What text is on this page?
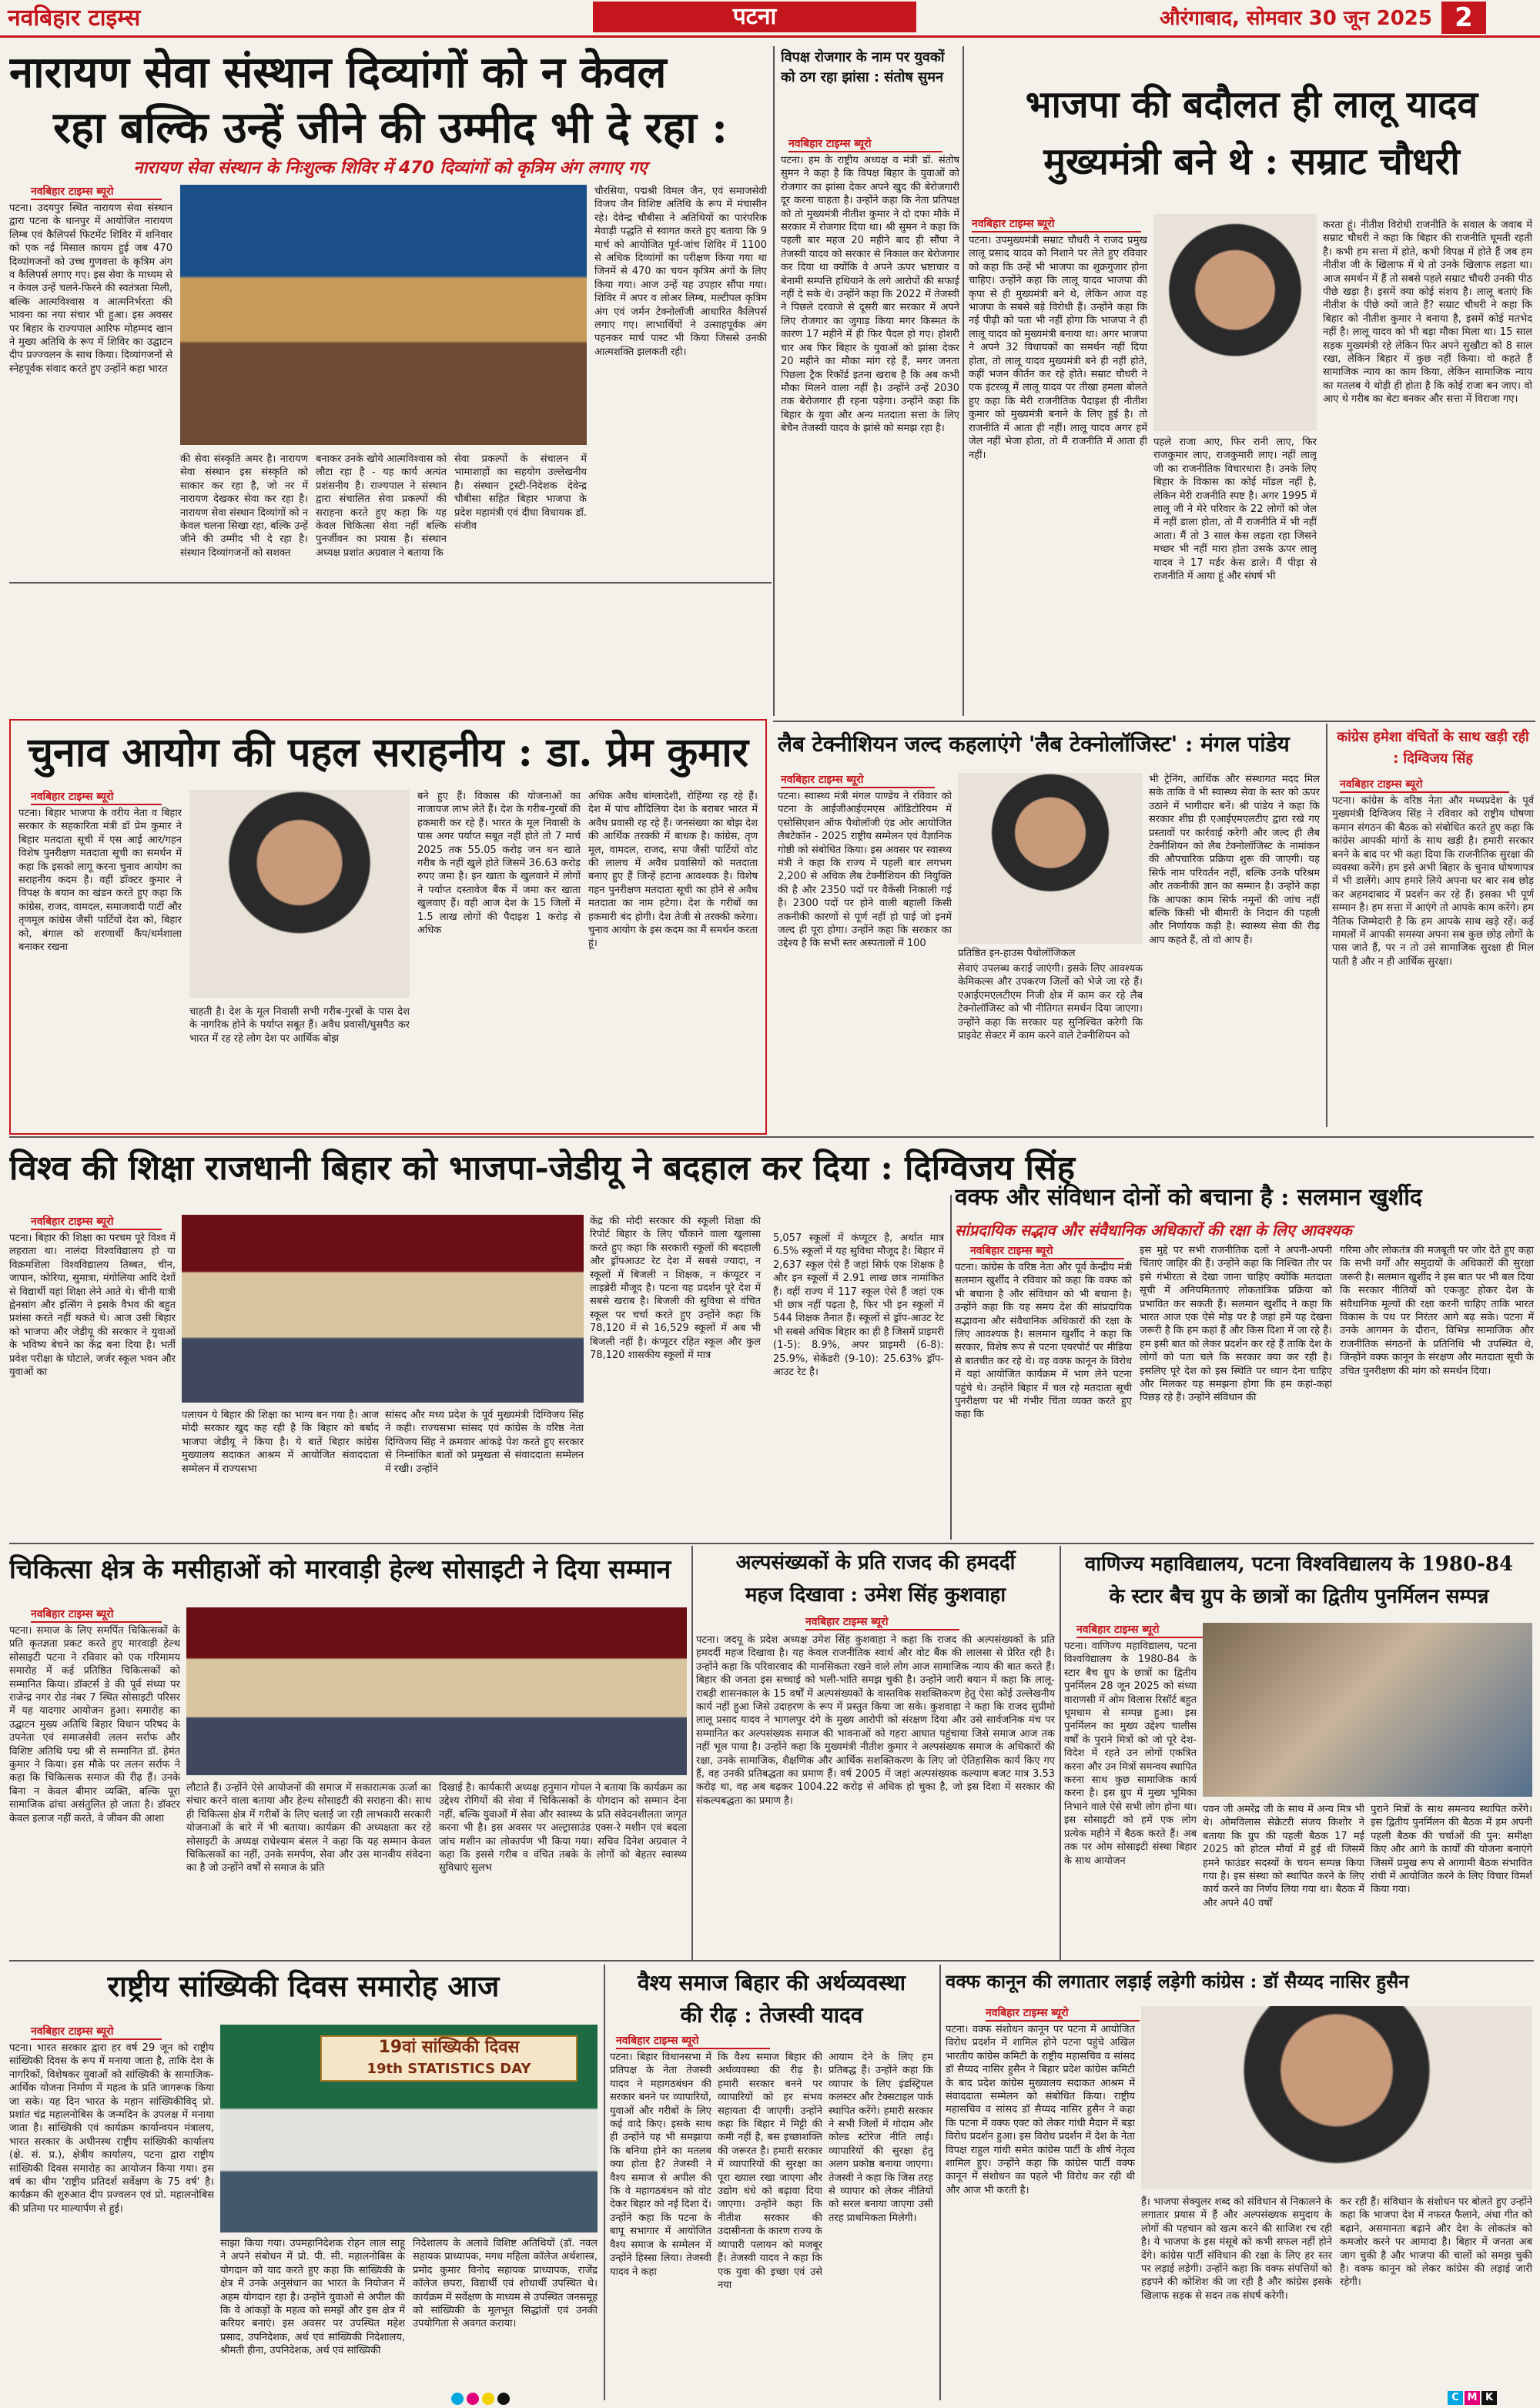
नवबिहार टाइम्स	पटना	औरंगाबाद, सोमवार 30 जून 2025 2
नारायण सेवा संस्थान दिव्यांगों को न केवल
रहा बल्कि उन्हें जीने की उम्मीद भी दे रहा :
नारायण सेवा संस्थान के निःशुल्क शिविर में 470 दिव्यांगों को कृत्रिम अंग लगाए गए
नवबिहार टाइम्स ब्यूरो
पटना। उदयपुर स्थित नारायण सेवा संस्थान द्वारा पटना के धानपुर में आयोजित नारायण लिम्ब एवं कैलिपर्स फिटमेंट शिविर में शनिवार को एक नई मिसाल कायम हुई जब 470 दिव्यांगजनों को उच्च गुणवत्ता के कृत्रिम अंग व कैलिपर्स लगाए गए। इस सेवा के माध्यम से न केवल उन्हें चलने-फिरने की स्वतंत्रता मिली, बल्कि आत्मविश्वास व आत्मनिर्भरता की भावना का नया संचार भी हुआ। इस अवसर पर बिहार के राज्यपाल आरिफ मोहम्मद खान ने मुख्य अतिथि के रूप में शिविर का उद्घाटन दीप प्रज्ज्वलन के साथ किया। दिव्यांगजनों से स्नेहपूर्वक संवाद करते हुए उन्होंने कहा भारत
की सेवा संस्कृति अमर है। नारायण सेवा संस्थान इस संस्कृति को साकार कर रहा है, जो नर में नारायण देखकर सेवा कर रहा है। नारायण सेवा संस्थान दिव्यांगों को न केवल चलना सिखा रहा, बल्कि उन्हें जीने की उम्मीद भी दे रहा है। संस्थान दिव्यांगजनों को सशक्त
बनाकर उनके खोये आत्मविश्वास को लौटा रहा है - यह कार्य अत्यंत प्रशंसनीय है। राज्यपाल ने संस्थान द्वारा संचालित सेवा प्रकल्पों की सराहना करते हुए कहा कि यह केवल चिकित्सा सेवा नहीं बल्कि पुनर्जीवन का प्रयास है। संस्थान अध्यक्ष प्रशांत अग्रवाल ने बताया कि
सेवा प्रकल्पों के संचालन में भामाशाहों का सहयोग उल्लेखनीय है। संस्थान ट्रस्टी-निदेशक देवेन्द्र चौबीसा सहित बिहार भाजपा के प्रदेश महामंत्री एवं दीघा विधायक डॉ. संजीव
चौरसिया, पद्मश्री विमल जैन, एवं समाजसेवी विजय जैन विशिष्ट अतिथि के रूप में मंचासीन रहे। देवेन्द्र चौबीसा ने अतिथियों का पारंपरिक मेवाड़ी पद्धति से स्वागत करते हुए बताया कि 9 मार्च को आयोजित पूर्व-जांच शिविर में 1100 से अधिक दिव्यांगों का परीक्षण किया गया था जिनमें से 470 का चयन कृत्रिम अंगों के लिए किया गया। आज उन्हें यह उपहार सौंपा गया। शिविर में अपर व लोअर लिम्ब, मल्टीपल कृत्रिम अंग एवं जर्मन टेक्नोलॉजी आधारित कैलिपर्स लगाए गए। लाभार्थियों ने उत्साहपूर्वक अंग पहनकर मार्च पास्ट भी किया जिससे उनकी आत्मशक्ति झलकती रही।
विपक्ष रोजगार के नाम पर युवकों को ठग रहा झांसा : संतोष सुमन
नवबिहार टाइम्स ब्यूरो
पटना। हम के राष्ट्रीय अध्यक्ष व मंत्री डॉ. संतोष सुमन ने कहा है कि विपक्ष बिहार के युवाओं को रोजगार का झांसा देकर अपने खुद की बेरोजगारी दूर करना चाहता है। उन्होंने कहा कि नेता प्रतिपक्ष को तो मुख्यमंत्री नीतीश कुमार ने दो दफा मौके में सरकार में रोजगार दिया था। श्री सुमन ने कहा कि पहली बार महज 20 महीने बाद ही सौंपा ने तेजस्वी यादव को सरकार से निकाल कर बेरोजगार कर दिया था क्योंकि वे अपने ऊपर भ्रष्टाचार व बेनामी सम्पत्ति हथियाने के लगे आरोपों की सफाई नहीं दे सके थे। उन्होंने कहा कि 2022 में तेजस्वी ने पिछले दरवाजे से दूसरी बार सरकार में अपने लिए रोजगार का जुगाड़ किया मगर किस्मत के कारण 17 महीने में ही फिर पैदल हो गए। होशरी चार अब फिर बिहार के युवाओं को झांसा देकर 20 महीने का मौका मांग रहे हैं, मगर जनता पिछला ट्रैक रिकॉर्ड इतना खराब है कि अब कभी मौका मिलने वाला नहीं है। उन्होंने उन्हें 2030 तक बेरोजगार ही रहना पड़ेगा। उन्होंने कहा कि बिहार के युवा और अन्य मतदाता सत्ता के लिए बेचैन तेजस्वी यादव के झांसे को समझ रहा है।
भाजपा की बदौलत ही लालू यादव
मुख्यमंत्री बने थे : सम्राट चौधरी
नवबिहार टाइम्स ब्यूरो
पटना। उपमुख्यमंत्री सम्राट चौधरी ने राजद प्रमुख लालू प्रसाद यादव को निशाने पर लेते हुए रविवार को कहा कि उन्हें भी भाजपा का शुक्रगुजार होना चाहिए। उन्होंने कहा कि लालू यादव भाजपा की कृपा से ही मुख्यमंत्री बने थे, लेकिन आज वह भाजपा के सबसे बड़े विरोधी हैं। उन्होंने कहा कि नई पीढ़ी को पता भी नहीं होगा कि भाजपा ने ही लालू यादव को मुख्यमंत्री बनाया था। अगर भाजपा ने अपने 32 विधायकों का समर्थन नहीं दिया होता, तो लालू यादव मुख्यमंत्री बने ही नहीं होते, कहीं भजन कीर्तन कर रहे होते। सम्राट चौधरी ने एक इंटरव्यू में लालू यादव पर तीखा हमला बोलते हुए कहा कि मेरी राजनीतिक पैदाइश ही नीतीश कुमार को मुख्यमंत्री बनाने के लिए हुई है। तो राजनीति में आता ही नहीं। लालू यादव अगर हमें जेल नहीं भेजा होता, तो मैं राजनीति में आता ही नहीं।
पहले राजा आए, फिर रानी लाए, फिर राजकुमार लाए, राजकुमारी लाए। नहीं लालू जी का राजनीतिक विचारधारा है। उनके लिए बिहार के विकास का कोई मॉडल नहीं है, लेकिन मेरी राजनीति स्पष्ट है। अगर 1995 में लालू जी ने मेरे परिवार के 22 लोगों को जेल में नहीं डाला होता, तो मैं राजनीति में भी नहीं आता। मैं तो 3 साल केस लड़ता रहा जिसने मच्छर भी नहीं मारा होता उसके ऊपर लालू यादव ने 17 मर्डर केस डाले। मैं पीड़ा से राजनीति में आया हूं और संघर्ष भी
करता हूं। नीतीश विरोधी राजनीति के सवाल के जवाब में सम्राट चौधरी ने कहा कि बिहार की राजनीति घूमती रहती है। कभी हम सत्ता में होते, कभी विपक्ष में होते हैं जब हम नीतीश जी के खिलाफ में थे तो उनके खिलाफ लड़ता था। आज समर्थन में हैं तो सबसे पहले सम्राट चौधरी उनकी पीठ पीछे खड़ा है। इसमें क्या कोई संशय है। लालू बताएं कि नीतीश के पीछे क्यों जाते हैं? सम्राट चौधरी ने कहा कि बिहार को नीतीश कुमार ने बनाया है, इसमें कोई मतभेद नहीं है। लालू यादव को भी बड़ा मौका मिला था। 15 साल सड़क मुख्यमंत्री रहे लेकिन फिर अपने सुखौटा को 8 साल रखा, लेकिन बिहार में कुछ नहीं किया। वो कहते हैं सामाजिक न्याय का काम किया, लेकिन सामाजिक न्याय का मतलब ये थोड़ी ही होता है कि कोई राजा बन जाए। वो आए थे गरीब का बेटा बनकर और सत्ता में विराजा गए।
चुनाव आयोग की पहल सराहनीय : डा. प्रेम कुमार
नवबिहार टाइम्स ब्यूरो
पटना। बिहार भाजपा के वरीय नेता व बिहार सरकार के सहकारिता मंत्री डॉ प्रेम कुमार ने बिहार मतदाता सूची में एस आई आर/गहन विशेष पुनरीक्षण मतदाता सूची का समर्थन में कहा कि इसको लागू करना चुनाव आयोग का सराहनीय कदम है। वहीं डॉक्टर कुमार ने विपक्ष के बयान का खंडन करते हुए कहा कि कांग्रेस, राजद, वामदल, समाजवादी पार्टी और तृणमूल कांग्रेस जैसी पार्टियों देश को, बिहार को, बंगाल को शरणार्थी कैंप/धर्मशाला बनाकर रखना
चाहती है। देश के मूल निवासी सभी गरीब-गुरबों के पास देश के नागरिक होने के पर्याप्त सबूत हैं। अवैध प्रवासी/घुसपैठ कर भारत में रह रहे लोग देश पर आर्थिक बोझ
बने हुए हैं। विकास की योजनाओं का नाजायज लाभ लेते हैं। देश के गरीब-गुरबों की हकमारी कर रहे हैं। भारत के मूल निवासी के पास अगर पर्याप्त सबूत नहीं होते तो 7 मार्च 2025 तक 55.05 करोड़ जन धन खाते गरीब के नहीं खुले होते जिसमें 36.63 करोड़ रुपए जमा है। इन खाता के खुलवाने में लोगों ने पर्याप्त दस्तावेज बैंक में जमा कर खाता खुलवाए हैं। वही आज देश के 15 जिलों में 1.5 लाख लोगों की पैदाइश 1 करोड़ से अधिक
अधिक अवैध बांग्लादेशी, रोहिंग्या रह रहे हैं। देश में पांच शौदिलिया देश के बराबर भारत में अवैध प्रवासी रह रहे हैं। जनसंख्या का बोझ देश की आर्थिक तरक्की में बाधक है। कांग्रेस, तृण मूल, वामदल, राजद, सपा जैसी पार्टियों वोट की लालच में अवैध प्रवासियों को मतदाता बनाए हुए हैं जिन्हें हटाना आवश्यक है। विशेष गहन पुनरीक्षण मतदाता सूची का होने से अवैध मतदाता का नाम हटेगा। देश के गरीबों का हकमारी बंद होगी। देश तेजी से तरक्की करेगा। चुनाव आयोग के इस कदम का मैं समर्थन करता हूं।
लैब टेक्नीशियन जल्द कहलाएंगे 'लैब टेक्नोलॉजिस्ट' : मंगल पांडेय
नवबिहार टाइम्स ब्यूरो
पटना। स्वास्थ्य मंत्री मंगल पाण्डेय ने रविवार को पटना के आईजीआईएमएस ऑडिटोरियम में एसोसिएशन ऑफ पैथोलॉजी एंड ओर आयोजित लैबटेकॉन - 2025 राष्ट्रीय सम्मेलन एवं वैज्ञानिक गोष्ठी को संबोधित किया। इस अवसर पर स्वास्थ्य मंत्री ने कहा कि राज्य में पहली बार लगभग 2,200 से अधिक लैब टेक्नीशियन की नियुक्ति की है और 2350 पदों पर वैकेंसी निकाली गई है। 2300 पदों पर होने वाली बहाली किसी तकनीकी कारणों से पूर्ण नहीं हो पाई जो इनमें जल्द ही पूरा होगा। उन्होंने कहा कि सरकार का उद्देश्य है कि सभी स्तर अस्पतालों में 100
प्रतिष्ठित इन-हाउस पैथोलॉजिकल
सेवाएं उपलब्ध कराई जाएंगी। इसके लिए आवश्यक केमिकल्स और उपकरण जिलों को भेजे जा रहे हैं। एआईएमएलटीएम निजी क्षेत्र में काम कर रहे लैब टेक्नोलॉजिस्ट को भी नीतिगत समर्थन दिया जाएगा। उन्होंने कहा कि सरकार यह सुनिश्चित करेगी कि प्राइवेट सेक्टर में काम करने वाले टेक्नीशियन को
भी ट्रेनिंग, आर्थिक और संस्थागत मदद मिल सके ताकि वे भी स्वास्थ्य सेवा के स्तर को ऊपर उठाने में भागीदार बनें। श्री पांडेय ने कहा कि सरकार शीघ्र ही एआईएमएलटीए द्वारा रखे गए प्रस्तावों पर कार्रवाई करेगी और जल्द ही लैब टेक्नीशियन को लैब टेक्नोलॉजिस्ट के नामांकन की औपचारिक प्रक्रिया शुरू की जाएगी। यह सिर्फ नाम परिवर्तन नहीं, बल्कि उनके परिश्रम और तकनीकी ज्ञान का सम्मान है। उन्होंने कहा कि आपका काम सिर्फ नमूनों की जांच नहीं बल्कि किसी भी बीमारी के निदान की पहली और निर्णायक कड़ी है। स्वास्थ्य सेवा की रीढ़ आप कहते हैं, तो वो आप हैं।
कांग्रेस हमेशा वंचितों के साथ खड़ी रही : दिग्विजय सिंह
नवबिहार टाइम्स ब्यूरो
पटना। कांग्रेस के वरिष्ठ नेता और मध्यप्रदेश के पूर्व मुख्यमंत्री दिग्विजय सिंह ने रविवार को राष्ट्रीय घोषणा कमान संगठन की बैठक को संबोधित करते हुए कहा कि कांग्रेस आपकी मांगों के साथ खड़ी है। हमारी सरकार बनने के बाद पर भी कहा दिया कि राजनीतिक सुरक्षा की व्यवस्था करेंगे। हम इसे अभी बिहार के चुनाव घोषणापत्र में भी डालेंगे। आप हमारे लिये अपना घर बार सब छोड़ कर अहमदाबाद में प्रदर्शन कर रहे हैं। इसका भी पूर्ण सम्मान है। हम सत्ता में आएंगे तो आपके काम करेंगे। हम नैतिक जिम्मेदारी है कि हम आपके साथ खड़े रहें। कई मामलों में आपकी समस्या अपना सब कुछ छोड़ लोगों के पास जाते हैं, पर न तो उसे सामाजिक सुरक्षा ही मिल पाती है और न ही आर्थिक सुरक्षा।
विश्व की शिक्षा राजधानी बिहार को भाजपा-जेडीयू ने बदहाल कर दिया : दिग्विजय सिंह
नवबिहार टाइम्स ब्यूरो
पटना। बिहार की शिक्षा का परचम पूरे विश्व में लहराता था। नालंदा विश्वविद्यालय हो या विक्रमशिला विश्वविद्यालय तिब्बत, चीन, जापान, कोरिया, सुमात्रा, मंगोलिया आदि देशों से विद्यार्थी यहां शिक्षा लेने आते थे। चीनी यात्री ह्वेनसांग और इत्सिंग ने इसके वैभव की बहुत प्रशंसा करते नहीं थकते थे। आज उसी बिहार को भाजपा और जेडीयू की सरकार ने युवाओं के भविष्य बेचने का केंद्र बना दिया है। भर्ती प्रवेश परीक्षा के घोटाले, जर्जर स्कूल भवन और युवाओं का
पलायन ये बिहार की शिक्षा का भाग्य बन गया है। आज मोदी सरकार खुद कह रही है कि बिहार को बर्बाद भाजपा जेडीयू ने किया है। ये बातें बिहार कांग्रेस मुख्यालय सदाकत आश्रम में आयोजित संवाददाता सम्मेलन में राज्यसभा
सांसद और मध्य प्रदेश के पूर्व मुख्यमंत्री दिग्विजय सिंह ने कही। राज्यसभा सांसद एवं कांग्रेस के वरिष्ठ नेता दिग्विजय सिंह ने क्रमवार आंकड़े पेश करते हुए सरकार से निम्नांकित बातों को प्रमुखता से संवाददाता सम्मेलन में रखी। उन्होंने
केंद्र की मोदी सरकार की स्कूली शिक्षा की रिपोर्ट बिहार के लिए चौंकाने वाला खुलासा करते हुए कहा कि सरकारी स्कूलों की बदहाली और ड्रॉपआउट रेट देश में सबसे ज्यादा, न स्कूलों में बिजली न शिक्षक, न कंप्यूटर न लाइब्रेरी मौजूद है। पटना यह प्रदर्शन पूरे देश में सबसे खराब है। बिजली की सुविधा से वंचित स्कूल पर चर्चा करते हुए उन्होंने कहा कि 78,120 में से 16,529 स्कूलों में अब भी बिजली नहीं है। कंप्यूटर रहित स्कूल और कुल 78,120 शासकीय स्कूलों में मात्र
5,057 स्कूलों में कंप्यूटर है, अर्थात मात्र 6.5% स्कूलों में यह सुविधा मौजूद है। बिहार में 2,637 स्कूल ऐसे हैं जहां सिर्फ एक शिक्षक है और इन स्कूलों में 2.91 लाख छात्र नामांकित हैं। वहीं राज्य में 117 स्कूल ऐसे हैं जहां एक भी छात्र नहीं पढ़ता है, फिर भी इन स्कूलों में 544 शिक्षक तैनात हैं। स्कूलों से ड्रॉप-आउट रेट भी सबसे अधिक बिहार का ही है जिसमें प्राइमरी (1-5): 8.9%, अपर प्राइमरी (6-8): 25.9%, सेकेंडरी (9-10): 25.63% ड्रॉप-आउट रेट है।
वक्फ और संविधान दोनों को बचाना है : सलमान खुर्शीद
सांप्रदायिक सद्भाव और संवैधानिक अधिकारों की रक्षा के लिए आवश्यक
नवबिहार टाइम्स ब्यूरो
पटना। कांग्रेस के वरिष्ठ नेता और पूर्व केन्द्रीय मंत्री सलमान खुर्शीद ने रविवार को कहा कि वक्फ को भी बचाना है और संविधान को भी बचाना है। उन्होंने कहा कि यह समय देश की सांप्रदायिक सद्भावना और संवैधानिक अधिकारों की रक्षा के लिए आवश्यक है। सलमान खुर्शीद ने कहा कि सरकार, विशेष रूप से पटना एयरपोर्ट पर मीडिया से बातचीत कर रहे थे। वह वक्फ कानून के विरोध में यहां आयोजित कार्यक्रम में भाग लेने पटना पहुंचे थे। उन्होंने बिहार में चल रहे मतदाता सूची पुनरीक्षण पर भी गंभीर चिंता व्यक्त करते हुए कहा कि
इस मुद्दे पर सभी राजनीतिक दलों ने अपनी-अपनी चिंताएं जाहिर की हैं। उन्होंने कहा कि निश्चित तौर पर इसे गंभीरता से देखा जाना चाहिए क्योंकि मतदाता सूची में अनियमितताएं लोकतांत्रिक प्रक्रिया को प्रभावित कर सकती हैं। सलमान खुर्शीद ने कहा कि भारत आज एक ऐसे मोड़ पर है जहां हमें यह देखना जरूरी है कि हम कहां हैं और किस दिशा में जा रहे हैं। हम इसी बात को लेकर प्रदर्शन कर रहे हैं ताकि देश के लोगों को पता चले कि सरकार क्या कर रही है। इसलिए पूरे देश को इस स्थिति पर ध्यान देना चाहिए और मिलकर यह समझना होगा कि हम कहां-कहां पिछड़ रहे हैं। उन्होंने संविधान की
गरिमा और लोकतंत्र की मजबूती पर जोर देते हुए कहा कि सभी वर्गों और समुदायों के अधिकारों की सुरक्षा जरूरी है। सलमान खुर्शीद ने इस बात पर भी बल दिया कि सरकार नीतियों को एकजुट होकर देश के संवैधानिक मूल्यों की रक्षा करनी चाहिए ताकि भारत विकास के पथ पर निरंतर आगे बढ़ सके। पटना में उनके आगमन के दौरान, विभिन्न सामाजिक और राजनीतिक संगठनों के प्रतिनिधि भी उपस्थित थे, जिन्होंने वक्फ कानून के संरक्षण और मतदाता सूची के उचित पुनरीक्षण की मांग को समर्थन दिया।
चिकित्सा क्षेत्र के मसीहाओं को मारवाड़ी हेल्थ सोसाइटी ने दिया सम्मान
नवबिहार टाइम्स ब्यूरो
पटना। समाज के लिए समर्पित चिकित्सकों के प्रति कृतज्ञता प्रकट करते हुए मारवाड़ी हेल्थ सोसाइटी पटना ने रविवार को एक गरिमामय समारोह में कई प्रतिष्ठित चिकित्सकों को सम्मानित किया। डॉक्टर्स डे की पूर्व संध्या पर राजेन्द्र नगर रोड नंबर 7 स्थित सोसाइटी परिसर में यह यादगार आयोजन हुआ। समारोह का उद्घाटन मुख्य अतिथि बिहार विधान परिषद के उपनेता एवं समाजसेवी ललन सर्राफ और विशिष्ट अतिथि पद्म श्री से सम्मानित डॉ. हेमंत कुमार ने किया। इस मौके पर ललन सर्राफ ने कहा कि चिकित्सक समाज की रीढ़ हैं। उनके बिना न केवल बीमार व्यक्ति, बल्कि पूरा सामाजिक ढांचा असंतुलित हो जाता है। डॉक्टर केवल इलाज नहीं करते, वे जीवन की आशा
लौटाते हैं। उन्होंने ऐसे आयोजनों की समाज में सकारात्मक ऊर्जा का संचार करने वाला बताया और हेल्थ सोसाइटी की सराहना की। साथ ही चिकित्सा क्षेत्र में गरीबों के लिए चलाई जा रही लाभकारी सरकारी योजनाओं के बारे में भी बताया। कार्यक्रम की अध्यक्षता कर रहे सोसाइटी के अध्यक्ष राधेश्याम बंसल ने कहा कि यह सम्मान केवल चिकित्सकों का नहीं, उनके समर्पण, सेवा और उस मानवीय संवेदना का है जो उन्होंने वर्षों से समाज के प्रति
दिखाई है। कार्यकारी अध्यक्ष हनुमान गोयल ने बताया कि कार्यक्रम का उद्देश्य रोगियों की सेवा में चिकित्सकों के योगदान को सम्मान देना नहीं, बल्कि युवाओं में सेवा और स्वास्थ्य के प्रति संवेदनशीलता जागृत करना भी है। इस अवसर पर अल्ट्रासाउंड एक्स-रे मशीन एवं बदला जांच मशीन का लोकार्पण भी किया गया। सचिव दिनेश अग्रवाल ने कहा कि इससे गरीब व वंचित तबके के लोगों को बेहतर स्वास्थ्य सुविधाएं सुलभ
अल्पसंख्यकों के प्रति राजद की हमदर्दी
महज दिखावा : उमेश सिंह कुशवाहा
नवबिहार टाइम्स ब्यूरो
पटना। जदयू के प्रदेश अध्यक्ष उमेश सिंह कुशवाहा ने कहा कि राजद की अल्पसंख्यकों के प्रति हमदर्दी महज दिखावा है। यह केवल राजनीतिक स्वार्थ और वोट बैंक की लालसा से प्रेरित रही है। उन्होंने कहा कि परिवारवाद की मानसिकता रखने वाले लोग आज सामाजिक न्याय की बात करते हैं। बिहार की जनता इस सच्चाई को भली-भांति समझ चुकी है। उन्होंने जारी बयान में कहा कि लालू-राबड़ी शासनकाल के 15 वर्षों में अल्पसंख्यकों के वास्तविक सशक्तिकरण हेतु ऐसा कोई उल्लेखनीय कार्य नहीं हुआ जिसे उदाहरण के रूप में प्रस्तुत किया जा सके। कुशवाहा ने कहा कि राजद सुप्रीमो लालू प्रसाद यादव ने भागलपुर दंगे के मुख्य आरोपी को संरक्षण दिया और उसे सार्वजनिक मंच पर सम्मानित कर अल्पसंख्यक समाज की भावनाओं को गहरा आघात पहुंचाया जिसे समाज आज तक नहीं भूल पाया है। उन्होंने कहा कि मुख्यमंत्री नीतीश कुमार ने अल्पसंख्यक समाज के अधिकारों की रक्षा, उनके सामाजिक, शैक्षणिक और आर्थिक सशक्तिकरण के लिए जो ऐतिहासिक कार्य किए गए हैं, वह उनकी प्रतिबद्धता का प्रमाण हैं। वर्ष 2005 में जहां अल्पसंख्यक कल्याण बजट मात्र 3.53 करोड़ था, वह अब बढ़कर 1004.22 करोड़ से अधिक हो चुका है, जो इस दिशा में सरकार की संकल्पबद्धता का प्रमाण है।
वाणिज्य महाविद्यालय, पटना विश्वविद्यालय के 1980-84
के स्टार बैच ग्रुप के छात्रों का द्वितीय पुनर्मिलन सम्पन्न
नवबिहार टाइम्स ब्यूरो
पटना। वाणिज्य महाविद्यालय, पटना विश्वविद्यालय के 1980-84 के स्टार बैच ग्रुप के छात्रों का द्वितीय पुनर्मिलन 28 जून 2025 को संध्या वाराणसी में ओम विलास रिसॉर्ट बहुत धूमधाम से सम्पन्न हुआ। इस पुनर्मिलन का मुख्य उद्देश्य चालीस वर्षों के पुराने मित्रों को जो पूरे देश-विदेश में रहते उन लोगों एकत्रित करना और उन मित्रों समन्वय स्थापित करना साथ कुछ सामाजिक कार्य करना है। इस ग्रुप में मुख्य भूमिका निभाने वाले ऐसे सभी लोग होना था। इस सोसाइटी को हमें एक लोग प्रत्येक महीने में बैठक करते हैं। अब तक पर ओम सोसाइटी संस्था बिहार के साथ आयोजन
पवन जी अमरेंद्र जी के साथ में अन्य मित्र भी थे। ओमविलास सेक्रेटरी संजय किशोर ने बताया कि ग्रुप की पहली बैठक 17 मई 2025 को होटल मौर्या में हुई थी जिसमें हमने फाउंडर सदस्यों के चयन सम्पन्न किया गया है। इस संस्था को स्थापित करने के लिए कार्य करने का निर्णय लिया गया था। बैठक में और अपने 40 वर्षों
पुराने मित्रों के साथ समन्वय स्थापित करेंगे। इस द्वितीय पुनर्मिलन की बैठक में हम अपनी पहली बैठक की चर्चाओं की पुन: समीक्षा किए और आगे के कार्यों की योजना बनाएंगे जिसमें प्रमुख रूप से आगामी बैठक संभावित रांची में आयोजित करने के लिए विचार विमर्श किया गया।
राष्ट्रीय सांख्यिकी दिवस समारोह आज
नवबिहार टाइम्स ब्यूरो
पटना। भारत सरकार द्वारा हर वर्ष 29 जून को राष्ट्रीय सांख्यिकी दिवस के रूप में मनाया जाता है, ताकि देश के नागरिकों, विशेषकर युवाओं को सांख्यिकी के सामाजिक-आर्थिक योजना निर्माण में महत्व के प्रति जागरूक किया जा सके। यह दिन भारत के महान सांख्यिकीविद् प्रो. प्रशांत चंद्र महालनोबिस के जन्मदिन के उपलक्ष में मनाया जाता है। सांख्यिकी एवं कार्यक्रम कार्यान्वयन मंत्रालय, भारत सरकार के अधीनस्थ राष्ट्रीय सांख्यिकी कार्यालय (क्षे. सं. प्र.), क्षेत्रीय कार्यालय, पटना द्वारा राष्ट्रीय सांख्यिकी दिवस समारोह का आयोजन किया गया। इस वर्ष का थीम 'राष्ट्रीय प्रतिदर्श सर्वेक्षण के 75 वर्ष' है। कार्यक्रम की शुरुआत दीप प्रज्वलन एवं प्रो. महालनोबिस की प्रतिमा पर माल्यार्पण से हुई।
19वां सांख्यिकी दिवस
19th STATISTICS DAY
साझा किया गया। उपमहानिदेशक रोहन लाल साहू ने अपने संबोधन में प्रो. पी. सी. महालनोबिस के योगदान को याद करते हुए कहा कि सांख्यिकी के क्षेत्र में उनके अनुसंधान का भारत के नियोजन में अहम योगदान रहा है। उन्होंने युवाओं से अपील की कि वे आंकड़ों के महत्व को समझें और इस क्षेत्र में करियर बनाएं। इस अवसर पर उपस्थित महेश प्रसाद, उपनिदेशक, अर्थ एवं सांख्यिकी निदेशालय, श्रीमती हीना, उपनिदेशक, अर्थ एवं सांख्यिकी
निदेशालय के अलावे विशिष्ट अतिथियों (डॉ. नवल सहायक प्राध्यापक, मगध महिला कॉलेज अर्थशास्त्र, प्रमोद कुमार विनोद सहायक प्राध्यापक, राजेंद्र कॉलेज छपरा, विद्यार्थी एवं शोधार्थी उपस्थित थे। कार्यक्रम में सर्वेक्षण के माध्यम से उपस्थित जनसमूह को सांख्यिकी के मूलभूत सिद्धांतों एवं उनकी उपयोगिता से अवगत कराया।
वैश्य समाज बिहार की अर्थव्यवस्था
की रीढ़ : तेजस्वी यादव
नवबिहार टाइम्स ब्यूरो
पटना। बिहार विधानसभा में प्रतिपक्ष के नेता तेजस्वी यादव ने महागठबंधन की सरकार बनने पर व्यापारियों, युवाओं और गरीबों के लिए कई वादे किए। इसके साथ ही उन्होंने यह भी समझाया कि बनिया होने का मतलब क्या होता है? तेजस्वी ने वैश्य समाज से अपील की कि वे महागठबंधन को वोट देकर बिहार को नई दिशा दें। उन्होंने कहा कि पटना के बापू सभागार में आयोजित वैश्य समाज के सम्मेलन में उन्होंने हिस्सा लिया। तेजस्वी यादव ने कहा
कि वैश्य समाज बिहार की अर्थव्यवस्था की रीढ़ है। हमारी सरकार बनने पर व्यापारियों को हर संभव सहायता दी जाएगी। उन्होंने कहा कि बिहार में मिट्टी की कमी नहीं है, बस इच्छाशक्ति की जरूरत है। हमारी सरकार में व्यापारियों की सुरक्षा का पूरा ख्याल रखा जाएगा और उद्योग धंधे को बढ़ावा दिया जाएगा। उन्होंने कहा कि नीतीश सरकार की उदासीनता के कारण राज्य के व्यापारी पलायन को मजबूर हैं। तेजस्वी यादव ने कहा कि एक युवा की इच्छा एवं उसे नया
आयाम देने के लिए हम प्रतिबद्ध हैं। उन्होंने कहा कि व्यापार के लिए इंडस्ट्रियल कलस्टर और टेक्सटाइल पार्क स्थापित करेंगे। हमारी सरकार ने सभी जिलों में गोदाम और कोल्ड स्टोरेज नीति लाई। व्यापारियों की सुरक्षा हेतु अलग प्रकोष्ठ बनाया जाएगा। तेजस्वी ने कहा कि जिस तरह से व्यापार को लेकर नीतियों को सरल बनाया जाएगा उसी तरह प्राथमिकता मिलेगी।
वक्फ कानून की लगातार लड़ाई लड़ेगी कांग्रेस : डॉ सैय्यद नासिर हुसैन
नवबिहार टाइम्स ब्यूरो
पटना। वक्फ संशोधन कानून पर पटना में आयोजित विरोध प्रदर्शन में शामिल होने पटना पहुंचे अखिल भारतीय कांग्रेस कमिटी के राष्ट्रीय महासचिव व सांसद डॉ सैय्यद नासिर हुसैन ने बिहार प्रदेश कांग्रेस कमिटी के बाद प्रदेश कांग्रेस मुख्यालय सदाकत आश्रम में संवाददाता सम्मेलन को संबोधित किया। राष्ट्रीय महासचिव व सांसद डॉ सैय्यद नासिर हुसैन ने कहा कि पटना में वक्फ एक्ट को लेकर गांधी मैदान में बड़ा विरोध प्रदर्शन हुआ। इस विरोध प्रदर्शन में देश के नेता विपक्ष राहुल गांधी समेत कांग्रेस पार्टी के शीर्ष नेतृत्व शामिल हुए। उन्होंने कहा कि कांग्रेस पार्टी वक्फ कानून में संशोधन का पहले भी विरोध कर रही थी और आज भी करती है।
हैं। भाजपा सेक्युलर शब्द को संविधान से निकालने के लगातार प्रयास में हैं और अल्पसंख्यक समुदाय के लोगों की पहचान को खत्म करने की साजिश रच रही है। ये भाजपा के इस मंसूबे को कभी सफल नहीं होने देंगे। कांग्रेस पार्टी संविधान की रक्षा के लिए हर स्तर पर लड़ाई लड़ेगी। उन्होंने कहा कि वक्फ संपत्तियों को हड़पने की कोशिश की जा रही है और कांग्रेस इसके खिलाफ सड़क से सदन तक संघर्ष करेगी।
कर रही हैं। संविधान के संशोधन पर बोलते हुए उन्होंने कहा कि भाजपा देश में नफरत फैलाने, अंधा गीत को बढ़ाने, असमानता बढ़ाने और देश के लोकतंत्र को कमजोर करने पर आमादा है। बिहार में जनता अब जाग चुकी है और भाजपा की चालों को समझ चुकी है। वक्फ कानून को लेकर कांग्रेस की लड़ाई जारी रहेगी।
C M K
